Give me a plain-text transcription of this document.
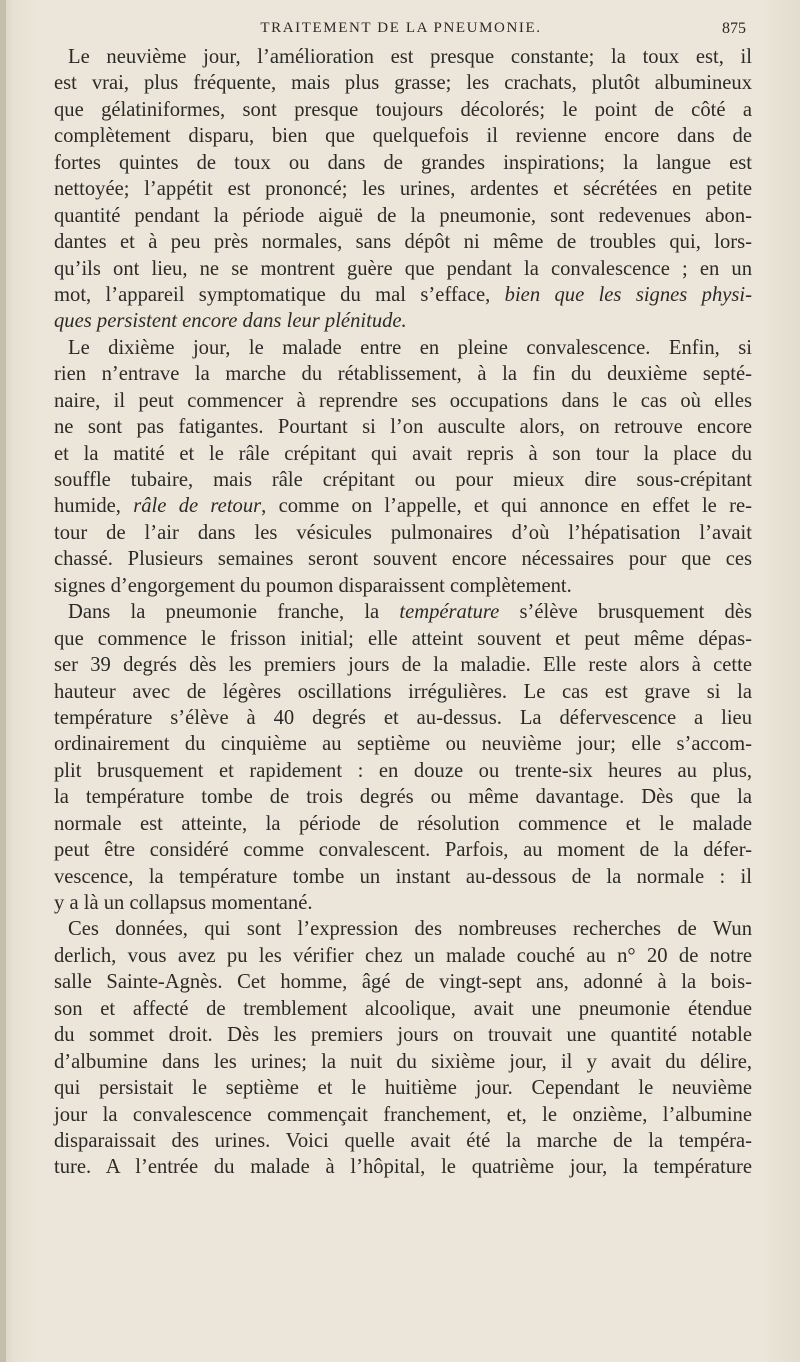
TRAITEMENT DE LA PNEUMONIE.	875
Le neuvième jour, l’amélioration est presque constante; la toux est, il
est vrai, plus fréquente, mais plus grasse; les crachats, plutôt albumineux
que gélatiniformes, sont presque toujours décolorés; le point de côté a
complètement disparu, bien que quelquefois il revienne encore dans de
fortes quintes de toux ou dans de grandes inspirations; la langue est
nettoyée; l’appétit est prononcé; les urines, ardentes et sécrétées en petite
quantité pendant la période aiguë de la pneumonie, sont redevenues abon-
dantes et à peu près normales, sans dépôt ni même de troubles qui, lors-
qu’ils ont lieu, ne se montrent guère que pendant la convalescence ; en un
mot, l’appareil symptomatique du mal s’efface, bien que les signes physi-
ques persistent encore dans leur plénitude.
Le dixième jour, le malade entre en pleine convalescence. Enfin, si
rien n’entrave la marche du rétablissement, à la fin du deuxième septé-
naire, il peut commencer à reprendre ses occupations dans le cas où elles
ne sont pas fatigantes. Pourtant si l’on ausculte alors, on retrouve encore
et la matité et le râle crépitant qui avait repris à son tour la place du
souffle tubaire, mais râle crépitant ou pour mieux dire sous-crépitant
humide, râle de retour, comme on l’appelle, et qui annonce en effet le re-
tour de l’air dans les vésicules pulmonaires d’où l’hépatisation l’avait
chassé. Plusieurs semaines seront souvent encore nécessaires pour que ces
signes d’engorgement du poumon disparaissent complètement.
Dans la pneumonie franche, la température s’élève brusquement dès
que commence le frisson initial; elle atteint souvent et peut même dépas-
ser 39 degrés dès les premiers jours de la maladie. Elle reste alors à cette
hauteur avec de légères oscillations irrégulières. Le cas est grave si la
température s’élève à 40 degrés et au-dessus. La défervescence a lieu
ordinairement du cinquième au septième ou neuvième jour; elle s’accom-
plit brusquement et rapidement : en douze ou trente-six heures au plus,
la température tombe de trois degrés ou même davantage. Dès que la
normale est atteinte, la période de résolution commence et le malade
peut être considéré comme convalescent. Parfois, au moment de la défer-
vescence, la température tombe un instant au-dessous de la normale : il
y a là un collapsus momentané.
Ces données, qui sont l’expression des nombreuses recherches de Wun
derlich, vous avez pu les vérifier chez un malade couché au n° 20 de notre
salle Sainte-Agnès. Cet homme, âgé de vingt-sept ans, adonné à la bois-
son et affecté de tremblement alcoolique, avait une pneumonie étendue
du sommet droit. Dès les premiers jours on trouvait une quantité notable
d’albumine dans les urines; la nuit du sixième jour, il y avait du délire,
qui persistait le septième et le huitième jour. Cependant le neuvième
jour la convalescence commençait franchement, et, le onzième, l’albumine
disparaissait des urines. Voici quelle avait été la marche de la tempéra-
ture. A l’entrée du malade à l’hôpital, le quatrième jour, la température
